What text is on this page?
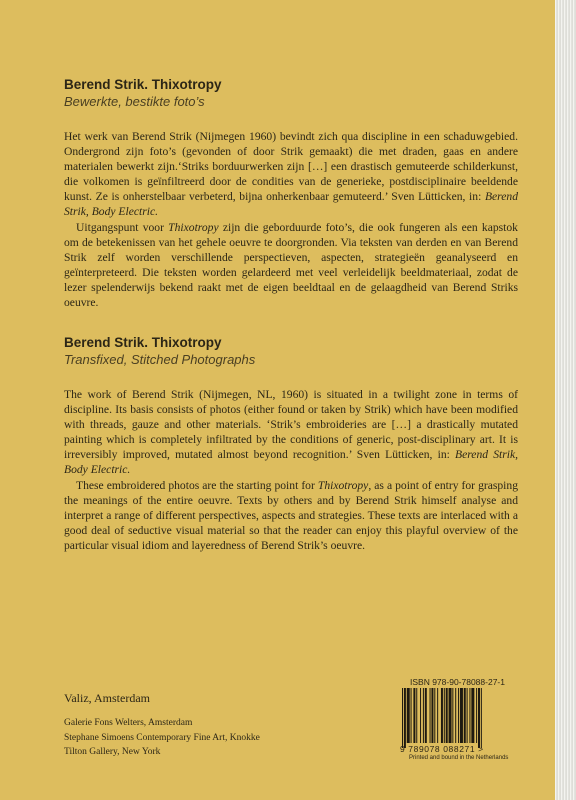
Berend Strik. Thixotropy
Bewerkte, bestikte foto’s

Het werk van Berend Strik (Nijmegen 1960) bevindt zich qua discipline in een schaduwgebied. Ondergrond zijn foto’s (gevonden of door Strik gemaakt) die met draden, gaas en andere materialen bewerkt zijn.‘Striks borduurwerken zijn […] een drastisch gemuteerde schilderkunst, die volkomen is geïnfiltreerd door de condities van de generieke, postdisciplinaire beeldende kunst. Ze is onherstelbaar verbeterd, bijna onherkenbaar gemuteerd.’ Sven Lütticken, in: Berend Strik, Body Electric.

Uitgangspunt voor Thixotropy zijn die geborduurde foto’s, die ook fungeren als een kapstok om de betekenissen van het gehele oeuvre te doorgronden. Via teksten van derden en van Berend Strik zelf worden verschillende perspectieven, aspecten, strategieën geanalyseerd en geïnterpreteerd. Die teksten worden gelardeerd met veel verleidelijk beeldmateriaal, zodat de lezer spelenderwijs bekend raakt met de eigen beeldtaal en de gelaagdheid van Berend Striks oeuvre.

Berend Strik. Thixotropy
Transfixed, Stitched Photographs

The work of Berend Strik (Nijmegen, NL, 1960) is situated in a twilight zone in terms of discipline. Its basis consists of photos (either found or taken by Strik) which have been modified with threads, gauze and other materials. ‘Strik’s embroideries are […] a drastically mutated painting which is completely infiltrated by the conditions of generic, post-disciplinary art. It is irreversibly improved, mutated almost beyond recognition.’ Sven Lütticken, in: Berend Strik, Body Electric.

These embroidered photos are the starting point for Thixotropy, as a point of entry for grasping the meanings of the entire oeuvre. Texts by others and by Berend Strik himself analyse and interpret a range of different perspectives, aspects and strategies. These texts are interlaced with a good deal of seductive visual material so that the reader can enjoy this playful overview of the particular visual idiom and layeredness of Berend Strik’s oeuvre.

Valiz, Amsterdam
Galerie Fons Welters, Amsterdam
Stephane Simoens Contemporary Fine Art, Knokke
Tilton Gallery, New York
ISBN 978-90-78088-27-1
9 789078 088271 >
Printed and bound in the Netherlands
